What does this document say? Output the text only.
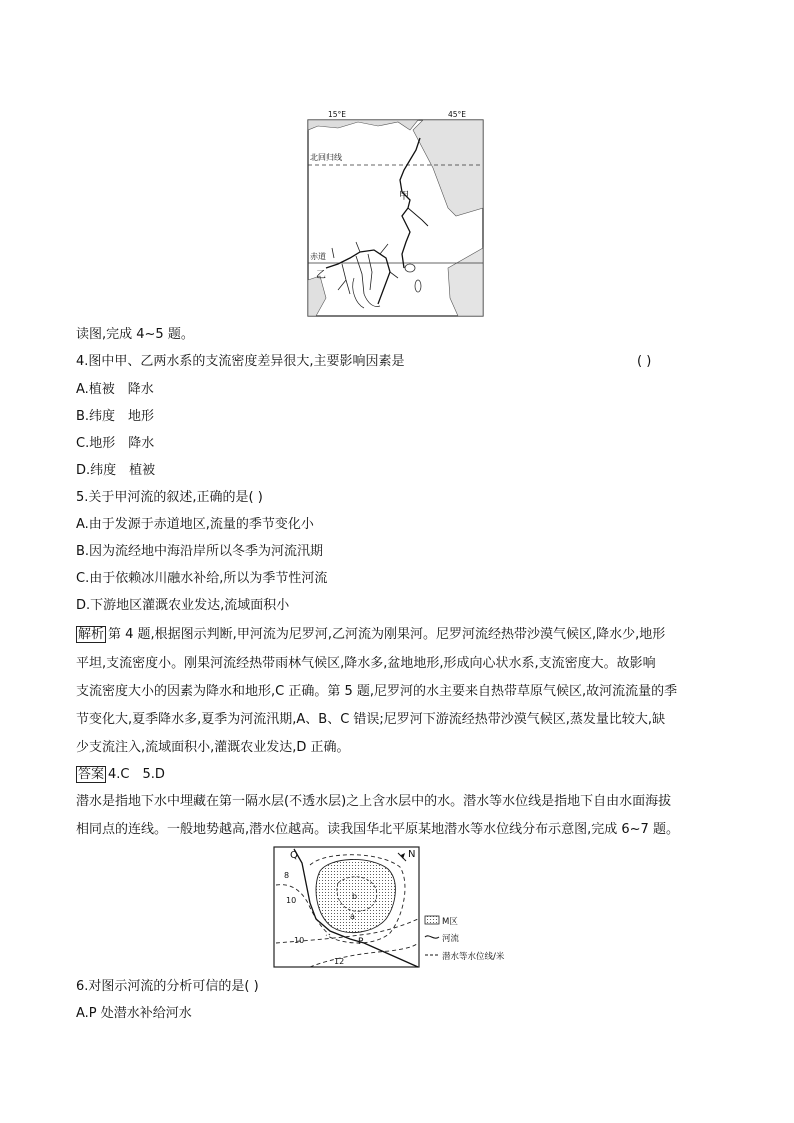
15°E	45°E
北回归线
赤道
甲
乙
读图,完成 4~5 题。
4.图中甲、乙两水系的支流密度差异很大,主要影响因素是	( )
A.植被　降水
B.纬度　地形
C.地形　降水
D.纬度　植被
5.关于甲河流的叙述,正确的是( )
A.由于发源于赤道地区,流量的季节变化小
B.因为流经地中海沿岸所以冬季为河流汛期
C.由于依赖冰川融水补给,所以为季节性河流
D.下游地区灌溉农业发达,流域面积小
解析 第 4 题,根据图示判断,甲河流为尼罗河,乙河流为刚果河。尼罗河流经热带沙漠气候区,降水少,地形
平坦,支流密度小。刚果河流经热带雨林气候区,降水多,盆地地形,形成向心状水系,支流密度大。故影响
支流密度大小的因素为降水和地形,C 正确。第 5 题,尼罗河的水主要来自热带草原气候区,故河流流量的季
节变化大,夏季降水多,夏季为河流汛期,A、B、C 错误;尼罗河下游流经热带沙漠气候区,蒸发量比较大,缺
少支流注入,流域面积小,灌溉农业发达,D 正确。
答案 4.C　5.D
潜水是指地下水中埋藏在第一隔水层(不透水层)之上含水层中的水。潜水等水位线是指地下自由水面海拔
相同点的连线。一般地势越高,潜水位越高。读我国华北平原某地潜水等水位线分布示意图,完成 6~7 题。
Q	N
P
a
b
8
10
10
12
M区
河流
潜水等水位线/米
6.对图示河流的分析可信的是( )
A.P 处潜水补给河水
